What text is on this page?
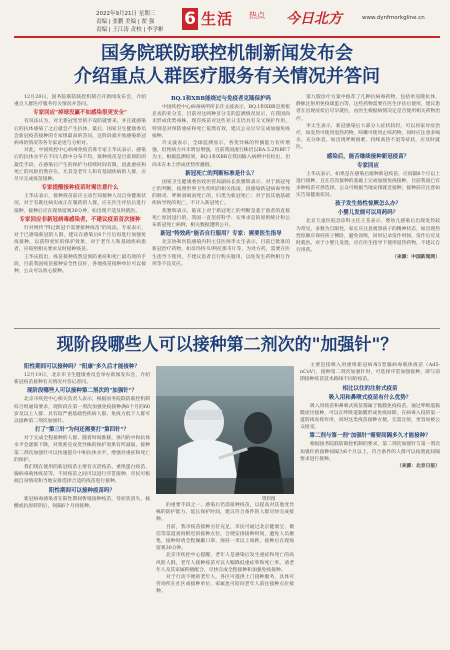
2022年9月21日 星期三
责编 | 张鹏 美编 | 翟 强
责编 | 王江涛 责校 | 李学彬
6 生活 热点 今日北方	www.dynfmorkgline.cn
国务院联防联控机制新闻发布会
介绍重点人群医疗服务有关情况并答问

12月20日，国务院联防联控机制召开新闻发布会，介绍重点人群医疗服务有关情况并答问。

专家回应"掉球没赢不如感染很更安全"

有说法认为，对无新冠变异的不设防就要来，并且就感染后的抗体感染了之后就会产生抗体，最后，国家卫生健康委员会新冠疫苗接种的专家组最高的答问，这阶段就开始感染新冠病毒的情况等各专家论述与分析对。

对此，中国疾控中心病毒免疫首席专家王华庆表示，感染后的抗体水平在不同人群中分布不均，接种疫苗是目前预防的最佳手段，在感染后产生的保护力持续时间有限，因此重症和死亡的风险仍然存在，尤其是老年人和有基础疾病的人群，应尽早完成疫苗接种。

专家提醒接种疫苗时需注意什么

王华庆表示，接种疫苗前应主动告知接种人员自身健康状况，对于有既往病史或正在服药的人群，应在医生评估后进行接种，接种后应在现场留观30分钟，如出现不适及时就医。

专家回应非新冠病毒感染者，不建议疫苗首次接种

针对网传"得过新冠不需要接种疫苗"的说法，专家表示，对于已感染新冠的人群，建议在感染后6个月后再进行加强免疫接种，以获得更好的保护效果，对于老年人和基础疾病患者，应按照相关要求及时接种疫苗。

王华庆指出，疫苗接种依然是预防重症和死亡最有效的手段，目前我国疫苗接种安全性良好，各地疫苗接种单位可以接种，公众可以放心接种。

BQ.1和XBB能绕过与免疫者克隆保护吗

中国疾控中心病毒病所所长许文波表示，BQ.1和XBB是奥密克戎的亚分支，目前对这两种亚分支的监测情况显示，在我国尚未形成优势毒株，现有疫苗对这些亚分支仍具有交叉保护作用，特别是对预防重症和死亡依然有效，建议公众尽早完成加强免疫接种。

许文波表示，全球监测显示，各变异株的传播能力有所增强，但致病力并未明显增强，目前我国流行株仍以BA.5.2和BF.7为主，根据监测结果，BQ.1和XBB在我国输入病例中有检出，但尚未在本土形成优势传播链。

新冠死亡的判断标准是什么？

国家卫生健康委医政医管局副局长焦雅辉表示，对于新冠死亡的判断，按照世界卫生组织的相关指南，因感染新冠病毒导致的肺炎、呼吸衰竭而死亡的，归类为新冠死亡；对于因其他基础疾病导致的死亡，不计入新冠死亡。

焦雅辉表示，临床上对于新冠死亡的判断是基于患者的直接死亡原因进行的，我国一直坚持科学、实事求是的原则统计和公布新冠死亡病例，相关数据透明公开。

新冠"特效药"能否自行服用？专家：需要医生指导

北京协和医院感染内科主任医师李太生表示，目前已批准的新冠治疗药物，如奈玛特韦/利托那韦片等，为处方药，需要在医生指导下使用，不建议患者自行购买服用，以免发生药物相互作用等不良反应。

第九版诊疗方案中推荐了几种抗病毒药物，包括单克隆抗体，静脉注射用免疫球蛋白等，这些药物需要在医生评估后使用，建议患者在出现症状后尽早就医，由医生根据病情决定是否使用相关药物治疗。

李太生表示，新冠感染后大部分人症状较轻，可以居家对症治疗，如发热可使用退热药物，咳嗽可使用止咳药物，同时应注意多喝水、充分休息，如出现呼吸困难、持续高热不退等症状，应及时就医。

感染后，能否继续接种新冠疫苗？

专家回应

王华庆表示，如果是在感染后接种新冠疫苗，应间隔6个月以上进行接种，且在首次接种的基础上完成加强免疫接种，目前我国已有多种疫苗可供选择，公众可根据当地安排就近接种，接种前应注意如实告知健康状况。

孩子发生热性惊厥怎么办？

小婴儿发烧可以用药吗？

北京儿童医院急诊科主任王荃表示，婴幼儿感染后出现发热较为常见，多数为自限性，家长应注意观察孩子的精神状态，如出现热性惊厥应保持孩子侧卧，避免误吸，同时记录发作时间，发作后应及时就医。对于小婴儿发烧，应在医生指导下使用退热药物，不建议自行用药。

（来源：中国新闻网）

现阶段哪些人可以接种第二剂次的"加强针"？

阳性期间可以接种吗？"阳康"多久后才能接种？

12月19日，北京市卫生健康委员会举办新闻发布会，介绍新冠疫苗接种有关情况并答记者问。

现阶段哪些人可以接种第二剂次的"加强针"？

北京市疾控中心相关负责人表示，根据国务院联防联控机制综合组通知要求，现阶段在第一剂次加强免疫接种满6个月的60岁及以上人群、具有较严重基础性疾病人群、免疫力低下人群可以接种第二剂次加强针。

打了"第三针"为何还需要打"第四针"？

对于完成全程接种的人群，随着时间推移，体内的中和抗体水平会逐渐下降，对奥密克戎变异株的保护效果有所减弱，接种第二剂次加强针可以快速提升中和抗体水平，增强对重症和死亡的保护。

我们现在使用的新冠疫苗主要有灭活疫苗、重组蛋白疫苗、腺病毒载体疫苗等，不同疫苗之间可以进行序贯接种，市民可根据自身情况和当地安排选择合适的疫苗进行接种。

阳性期间可以接种疫苗吗？

新冠病毒感染者在阳性期间暂缓接种疫苗，待症状消失、核酸或抗原转阴后，间隔6个月再接种。

资料图

的重要手段之一，感染后仍需接种疫苗，以提高对其他变异株的防护能力，延长保护时间，建议符合条件的人群尽快完成接种。

目前，我市疫苗接种点位充足，市民可通过北京健康宝、微信等渠道查询附近的接种点位，合理安排接种时间，避免人员聚集，接种时请全程佩戴口罩，保持一米以上间距，接种后在现场留观30分钟。

北京市疾控中心提醒，老年人是感染后发生重症和死亡的高风险人群，老年人接种疫苗可以大幅降低重症率和死亡率，请老年人及其家属积极配合，尽快完成全程接种和加强免疫接种。

对于行动不便的老年人，各区可提供上门接种服务，具体可咨询所在社区或接种单位，家属也可陪同老年人前往接种点位接种。

主要是指吸入用重组新冠病毒5型腺病毒载体疫苗（Ad5-nCoV），接种第二剂次加强针时，可选择序贯加强接种，即与前期接种疫苗技术路线不同的疫苗。

相比以往的注射式疫苗

吸入用和鼻喷式疫苗有什么优势？

吸入用疫苗和鼻喷式疫苗都属于黏膜免疫疫苗，通过呼吸道黏膜途径接种，可以在呼吸道黏膜形成免疫屏障，在病毒入侵的第一道防线发挥作用，同时这类疫苗接种方便，无需注射，更容易被公众接受。

第二剂与第一剂"加强针"需要间隔多久才能接种？

根据国务院联防联控机制的要求，第二剂次加强针与第一剂次加强针的接种间隔为6个月以上，符合条件的人群可以按照此间隔要求进行接种。

（来源：北京日报）
